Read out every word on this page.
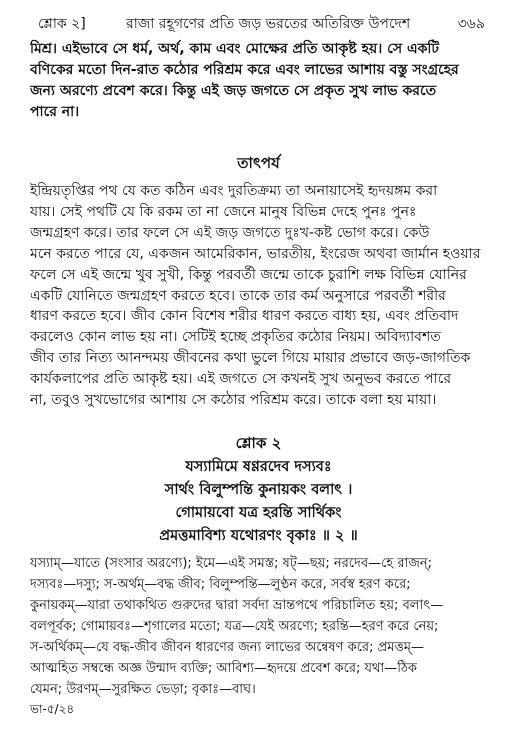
শ্লোক ২]	রাজা রহূগণের প্রতি জড় ভরতের অতিরিক্ত উপদেশ	৩৬৯
মিশ্র। এইভাবে সে ধর্ম, অর্থ, কাম এবং মোক্ষের প্রতি আকৃষ্ট হয়। সে একটি
বণিকের মতো দিন-রাত কঠোর পরিশ্রম করে এবং লাভের আশায় বস্তু সংগ্রহের
জন্য অরণ্যে প্রবেশ করে। কিন্তু এই জড় জগতে সে প্রকৃত সুখ লাভ করতে
পারে না।
তাৎপর্য
ইন্দ্রিয়তৃপ্তির পথ যে কত কঠিন এবং দুরতিক্রম্য তা অনায়াসেই হৃদয়ঙ্গম করা
যায়। সেই পথটি যে কি রকম তা না জেনে মানুষ বিভিন্ন দেহে পুনঃ পুনঃ
জন্মগ্রহণ করে। তার ফলে সে এই জড় জগতে দুঃখ-কষ্ট ভোগ করে। কেউ
মনে করতে পারে যে, একজন আমেরিকান, ভারতীয়, ইংরেজ অথবা জার্মান হওয়ার
ফলে সে এই জন্মে খুব সুখী, কিন্তু পরবর্তী জন্মে তাকে চুরাশি লক্ষ বিভিন্ন যোনির
একটি যোনিতে জন্মগ্রহণ করতে হবে। তাকে তার কর্ম অনুসারে পরবর্তী শরীর
ধারণ করতে হবে। জীব কোন বিশেষ শরীর ধারণ করতে বাধ্য হয়, এবং প্রতিবাদ
করলেও কোন লাভ হয় না। সেটিই হচ্ছে প্রকৃতির কঠোর নিয়ম। অবিদ্যাবশত
জীব তার নিত্য আনন্দময় জীবনের কথা ভুলে গিয়ে মায়ার প্রভাবে জড়-জাগতিক
কার্যকলাপের প্রতি আকৃষ্ট হয়। এই জগতে সে কখনই সুখ অনুভব করতে পারে
না, তবুও সুখভোগের আশায় সে কঠোর পরিশ্রম করে। তাকে বলা হয় মায়া।
শ্লোক ২
যস্যামিমে ষণ্ণরদেব দস্যবঃ
সার্থং বিলুম্পন্তি কুনায়কং বলাৎ ।
গোমায়বো যত্র হরন্তি সার্থিকং
প্রমত্তমাবিশ্য যথোরণং বৃকাঃ ॥ ২ ॥
যস্যাম্—যাতে (সংসার অরণ্যে); ইমে—এই সমস্ত; ষট্—ছয়; নরদেব—হে রাজন্;
দস্যবঃ—দস্যু; স-অর্থম্—বদ্ধ জীব; বিলুম্পন্তি—লুণ্ঠন করে, সর্বস্ব হরণ করে;
কুনায়কম্—যারা তথাকথিত গুরুদের দ্বারা সর্বদা ভ্রান্তপথে পরিচালিত হয়; বলাৎ—
বলপূর্বক; গোমায়বঃ—শৃগালের মতো; যত্র—যেই অরণ্যে; হরন্তি—হরণ করে নেয়;
স-অর্থিকম্—যে বদ্ধ-জীব জীবন ধারণের জন্য লাভের অন্বেষণ করে; প্রমত্তম্—
আত্মহিত সম্বন্ধে অজ্ঞ উন্মাদ ব্যক্তি; আবিশ্য—হৃদয়ে প্রবেশ করে; যথা—ঠিক
যেমন; উরণম্—সুরক্ষিত ভেড়া; বৃকাঃ—বাঘ।
ভা-৫/২৪
